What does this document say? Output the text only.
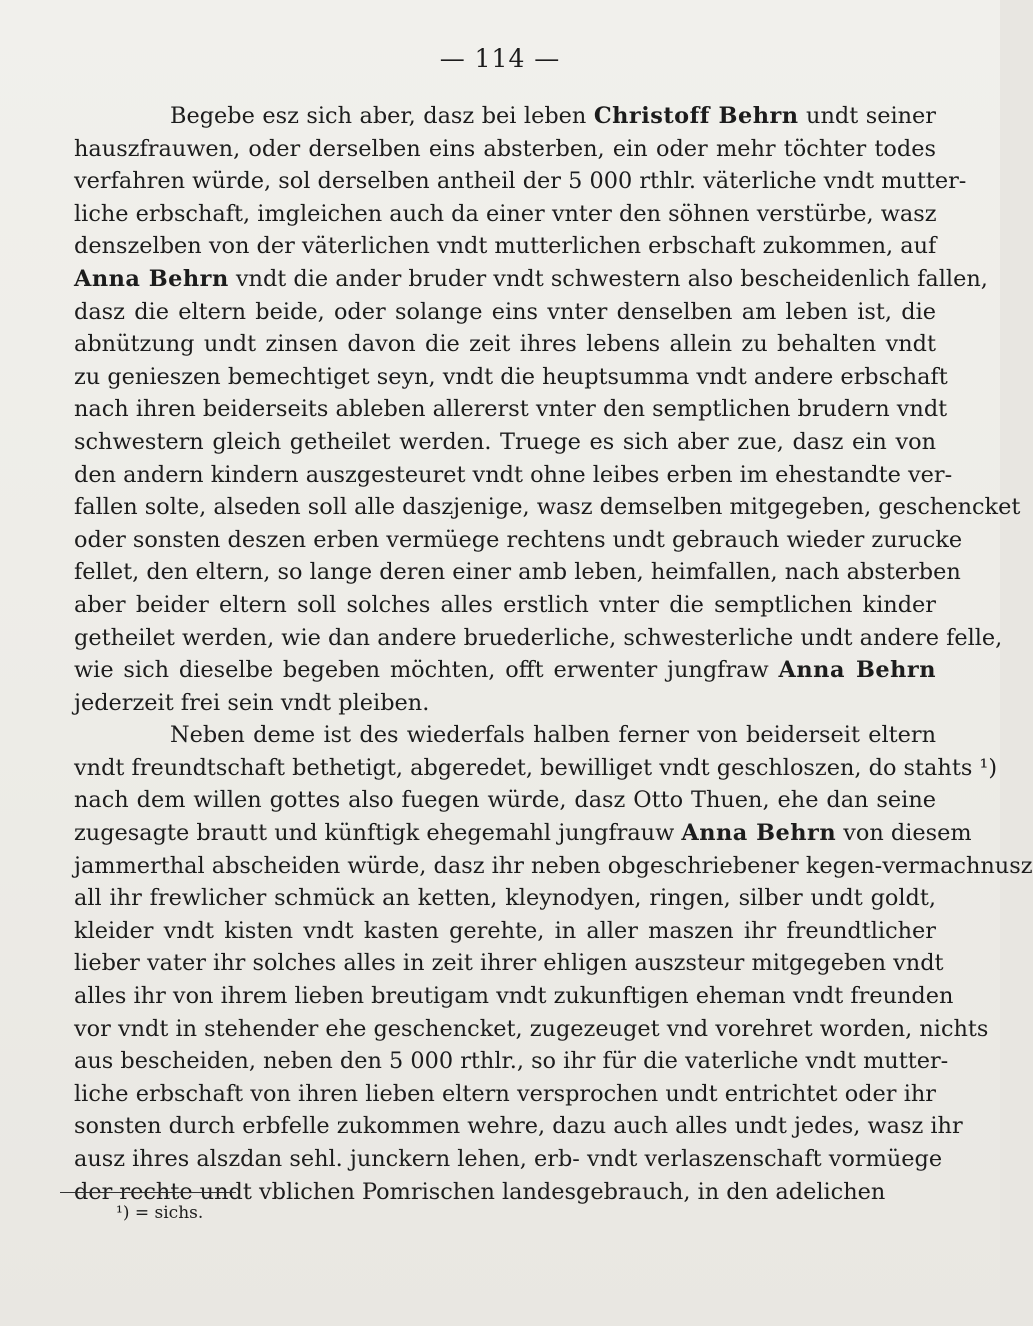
— 114 —
Begebe esz sich aber, dasz bei leben Christoff Behrn undt seiner
hauszfrauwen, oder derselben eins absterben, ein oder mehr töchter todes
verfahren würde, sol derselben antheil der 5 000 rthlr. väterliche vndt mutter-
liche erbschaft, imgleichen auch da einer vnter den söhnen verstürbe, wasz
denszelben von der väterlichen vndt mutterlichen erbschaft zukommen, auf
Anna Behrn vndt die ander bruder vndt schwestern also bescheidenlich fallen,
dasz die eltern beide, oder solange eins vnter denselben am leben ist, die
abnützung undt zinsen davon die zeit ihres lebens allein zu behalten vndt
zu genieszen bemechtiget seyn, vndt die heuptsumma vndt andere erbschaft
nach ihren beiderseits ableben allererst vnter den semptlichen brudern vndt
schwestern gleich getheilet werden. Truege es sich aber zue, dasz ein von
den andern kindern auszgesteuret vndt ohne leibes erben im ehestandte ver-
fallen solte, alseden soll alle daszjenige, wasz demselben mitgegeben, geschencket
oder sonsten deszen erben vermüege rechtens undt gebrauch wieder zurucke
fellet, den eltern, so lange deren einer amb leben, heimfallen, nach absterben
aber beider eltern soll solches alles erstlich vnter die semptlichen kinder
getheilet werden, wie dan andere bruederliche, schwesterliche undt andere felle,
wie sich dieselbe begeben möchten, offt erwenter jungfraw Anna Behrn
jederzeit frei sein vndt pleiben.
Neben deme ist des wiederfals halben ferner von beiderseit eltern
vndt freundtschaft bethetigt, abgeredet, bewilliget vndt geschloszen, do stahts ¹)
nach dem willen gottes also fuegen würde, dasz Otto Thuen, ehe dan seine
zugesagte brautt und künftigk ehegemahl jungfrauw Anna Behrn von diesem
jammerthal abscheiden würde, dasz ihr neben obgeschriebener kegen-vermachnusz
all ihr frewlicher schmück an ketten, kleynodyen, ringen, silber undt goldt,
kleider vndt kisten vndt kasten gerehte, in aller maszen ihr freundtlicher
lieber vater ihr solches alles in zeit ihrer ehligen auszsteur mitgegeben vndt
alles ihr von ihrem lieben breutigam vndt zukunftigen eheman vndt freunden
vor vndt in stehender ehe geschencket, zugezeuget vnd vorehret worden, nichts
aus bescheiden, neben den 5 000 rthlr., so ihr für die vaterliche vndt mutter-
liche erbschaft von ihren lieben eltern versprochen undt entrichtet oder ihr
sonsten durch erbfelle zukommen wehre, dazu auch alles undt jedes, wasz ihr
ausz ihres alszdan sehl. junckern lehen, erb- vndt verlaszenschaft vormüege
der rechte undt vblichen Pomrischen landesgebrauch, in den adelichen
¹) = sichs.
